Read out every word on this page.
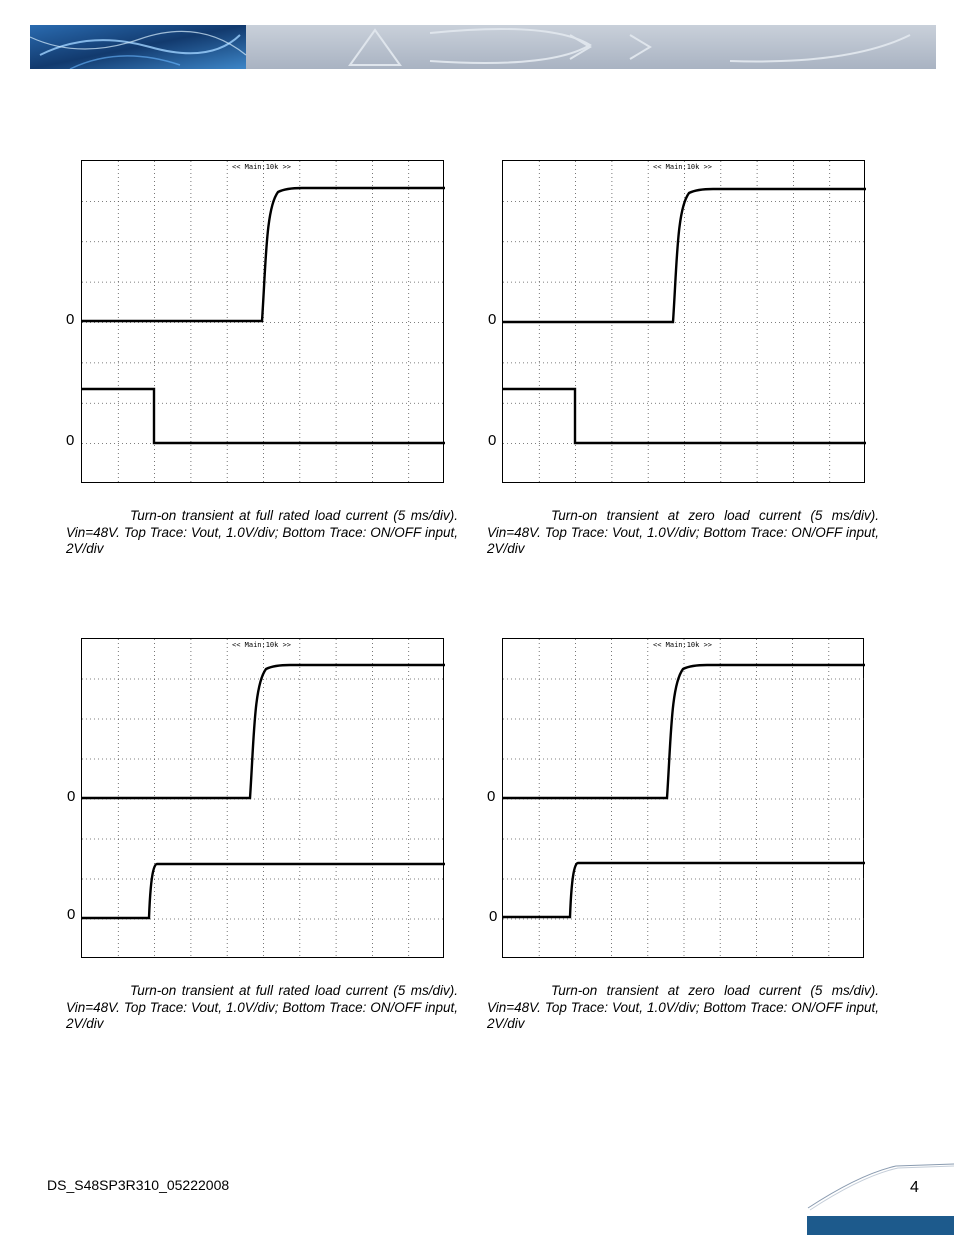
<< Main:10k >>
0
0
Turn-on transient at full rated load current (5 ms/div). Vin=48V. Top Trace: Vout, 1.0V/div; Bottom Trace: ON/OFF input, 2V/div
<< Main:10k >>
0
0
Turn-on transient at zero load current (5 ms/div). Vin=48V. Top Trace: Vout, 1.0V/div; Bottom Trace: ON/OFF input, 2V/div
<< Main:10k >>
0
0
Turn-on transient at full rated load current (5 ms/div). Vin=48V. Top Trace: Vout, 1.0V/div; Bottom Trace: ON/OFF input, 2V/div
<< Main:10k >>
0
0
Turn-on transient at zero load current (5 ms/div). Vin=48V. Top Trace: Vout, 1.0V/div; Bottom Trace: ON/OFF input, 2V/div
DS_S48SP3R310_05222008	4
